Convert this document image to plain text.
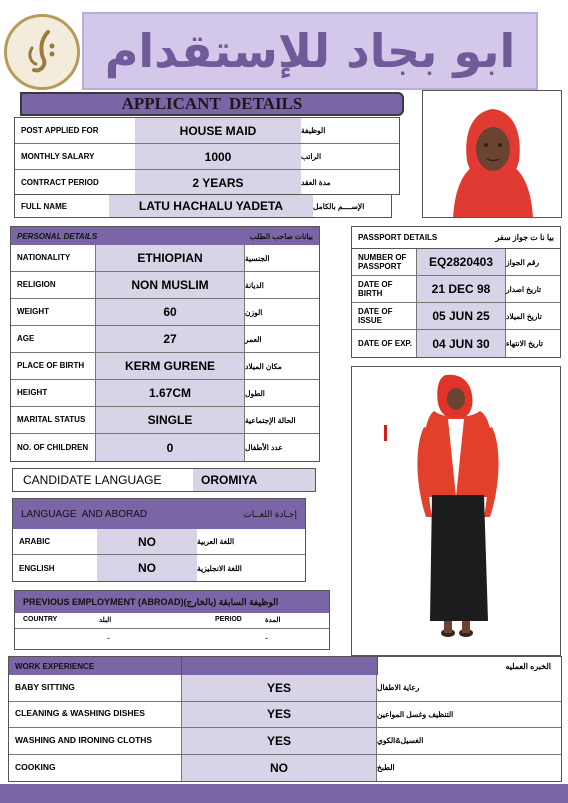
ابو بجاد للإستقدام
APPLICANT  DETAILS
POST APPLIED FOR	HOUSE MAID	الوظيفة
MONTHLY SALARY	1000	الراتب
CONTRACT PERIOD	2 YEARS	مدة العقد
FULL NAME	LATU HACHALU YADETA	الإســــم بالكامل
PERSONAL DETAILS	بيانات صاحب الطلب
NATIONALITY	ETHIOPIAN	الجنسية
RELIGION	NON MUSLIM	الديانة
WEIGHT	60	الوزن
AGE	27	العمر
PLACE OF BIRTH	KERM GURENE	مكان الميلاد
HEIGHT	1.67CM	الطول
MARITAL STATUS	SINGLE	الحالة الإجتماعية
NO. OF CHILDREN	0	عدد الأطفال
PASSPORT DETAILS	بيا نا ت جواز سفر
NUMBER OF PASSPORT	EQ2820403	رقم الجواز
DATE OF BIRTH	21 DEC 98	تاريخ اصدار
DATE OF ISSUE	05 JUN 25	تاريخ الميلاد
DATE OF EXP.	04 JUN 30	تاريخ الانتهاء
CANDIDATE LANGUAGE	OROMIYA
LANGUAGE  AND ABORAD	إجـادة اللغــات
ARABIC	NO	اللغة العربية
ENGLISH	NO	اللغة الانجليزية
PREVIOUS EMPLOYMENT (ABROAD)(الوظيفة السابقة (بالخارج
COUNTRY	البلد	PERIOD	المدة
-	-
WORK EXPERIENCE	الخبره العمليه
BABY SITTING	YES	رعاية الاطفال
CLEANING & WASHING DISHES	YES	التنظيف وغسل المواعين
WASHING AND IRONING CLOTHS	YES	الغسيل&الكوي
COOKING	NO	الطبخ
